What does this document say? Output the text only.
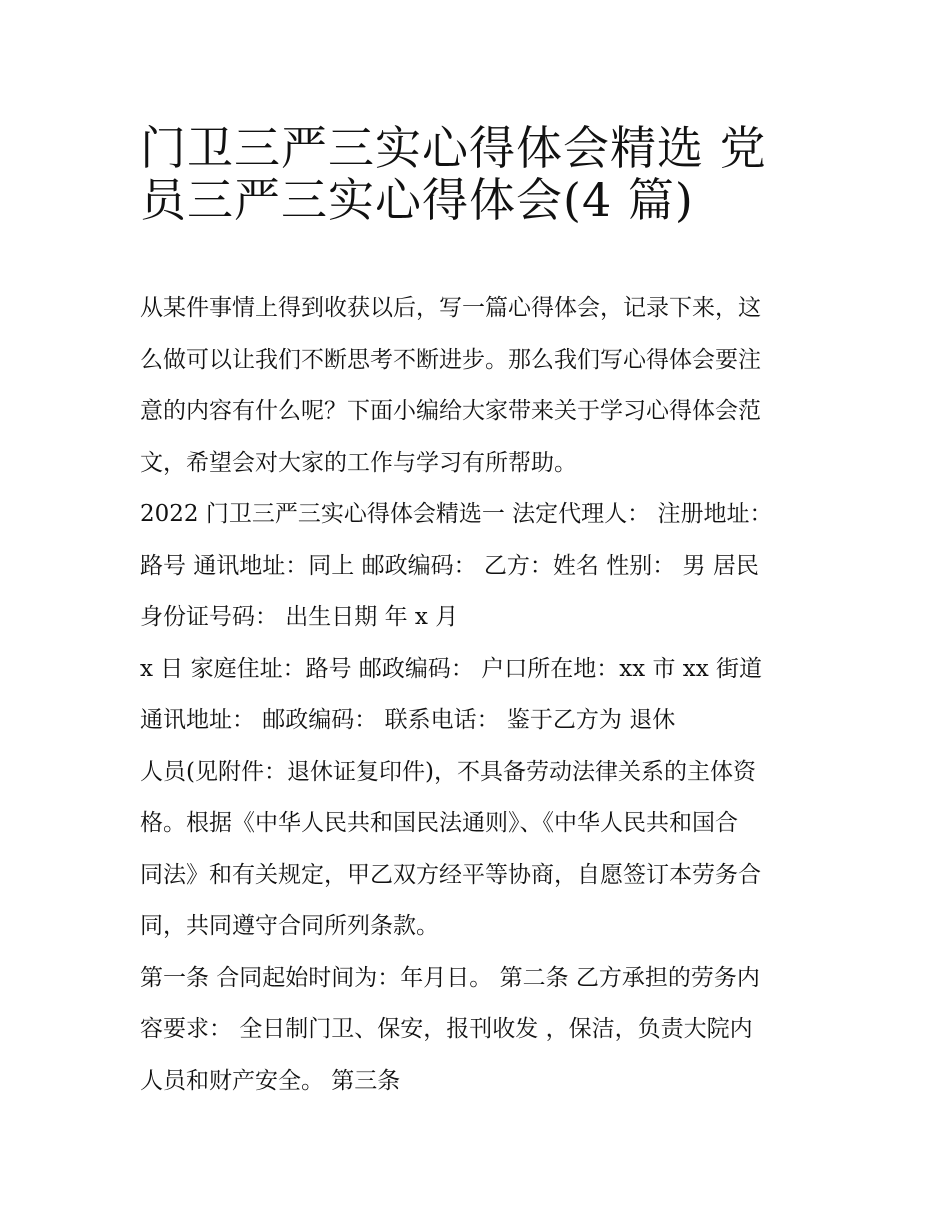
门卫三严三实心得体会精选 党
员三严三实心得体会(4 篇)

从某件事情上得到收获以后，写一篇心得体会，记录下来，这
么做可以让我们不断思考不断进步。那么我们写心得体会要注
意的内容有什么呢？下面小编给大家带来关于学习心得体会范
文，希望会对大家的工作与学习有所帮助。

2022 门卫三严三实心得体会精选一 法定代理人： 注册地址：
路号 通讯地址：同上 邮政编码： 乙方：姓名 性别： 男 居民
身份证号码： 出生日期 年 x 月

x 日 家庭住址：路号 邮政编码： 户口所在地：xx 市 xx 街道
通讯地址： 邮政编码： 联系电话： 鉴于乙方为 退休

人员(见附件：退休证复印件)，不具备劳动法律关系的主体资
格。根据《中华人民共和国民法通则》、《中华人民共和国合
同法》和有关规定，甲乙双方经平等协商，自愿签订本劳务合
同，共同遵守合同所列条款。

第一条 合同起始时间为：年月日。 第二条 乙方承担的劳务内
容要求： 全日制门卫、保安，报刊收发 ，保洁，负责大院内
人员和财产安全。 第三条
